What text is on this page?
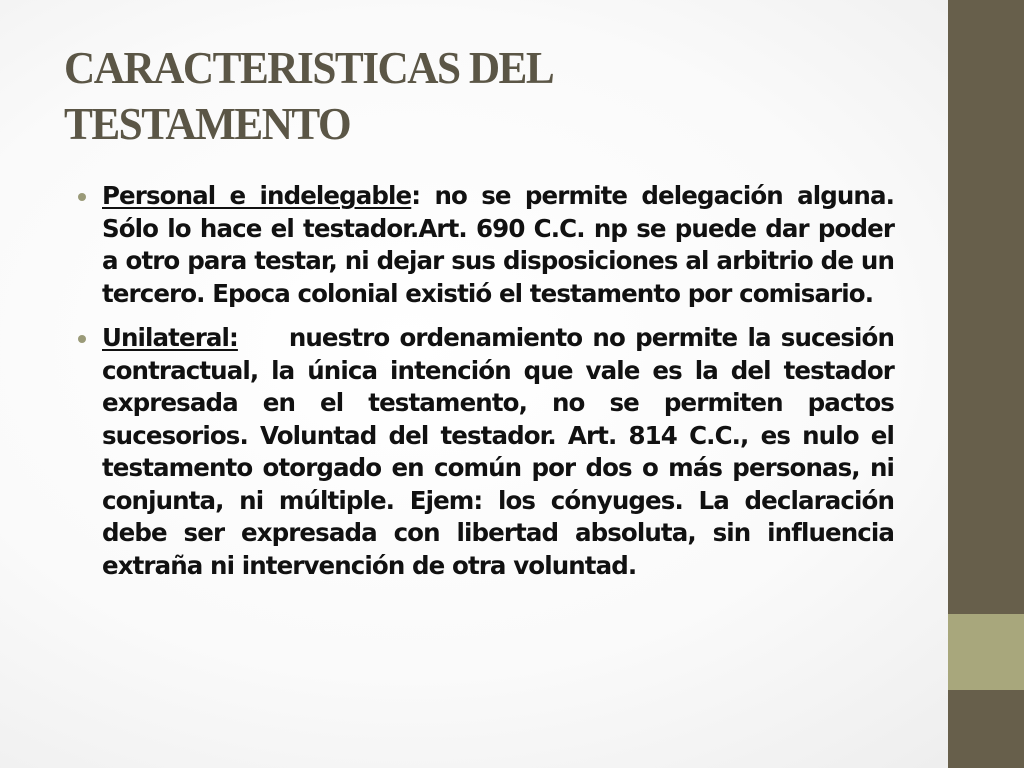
CARACTERISTICAS DEL TESTAMENTO
Personal e indelegable: no se permite delegación alguna. Sólo lo hace el testador.Art. 690 C.C. np se puede dar poder a otro para testar, ni dejar sus disposiciones al arbitrio de un tercero. Epoca colonial existió el testamento por comisario.
Unilateral:     nuestro ordenamiento no permite la sucesión contractual, la única intención que vale es la del testador expresada en el testamento, no se permiten pactos sucesorios. Voluntad del testador. Art. 814 C.C., es nulo el testamento otorgado en común por dos o más personas, ni conjunta, ni múltiple. Ejem: los cónyuges. La declaración debe ser expresada con libertad absoluta, sin influencia extraña ni intervención de otra voluntad.
